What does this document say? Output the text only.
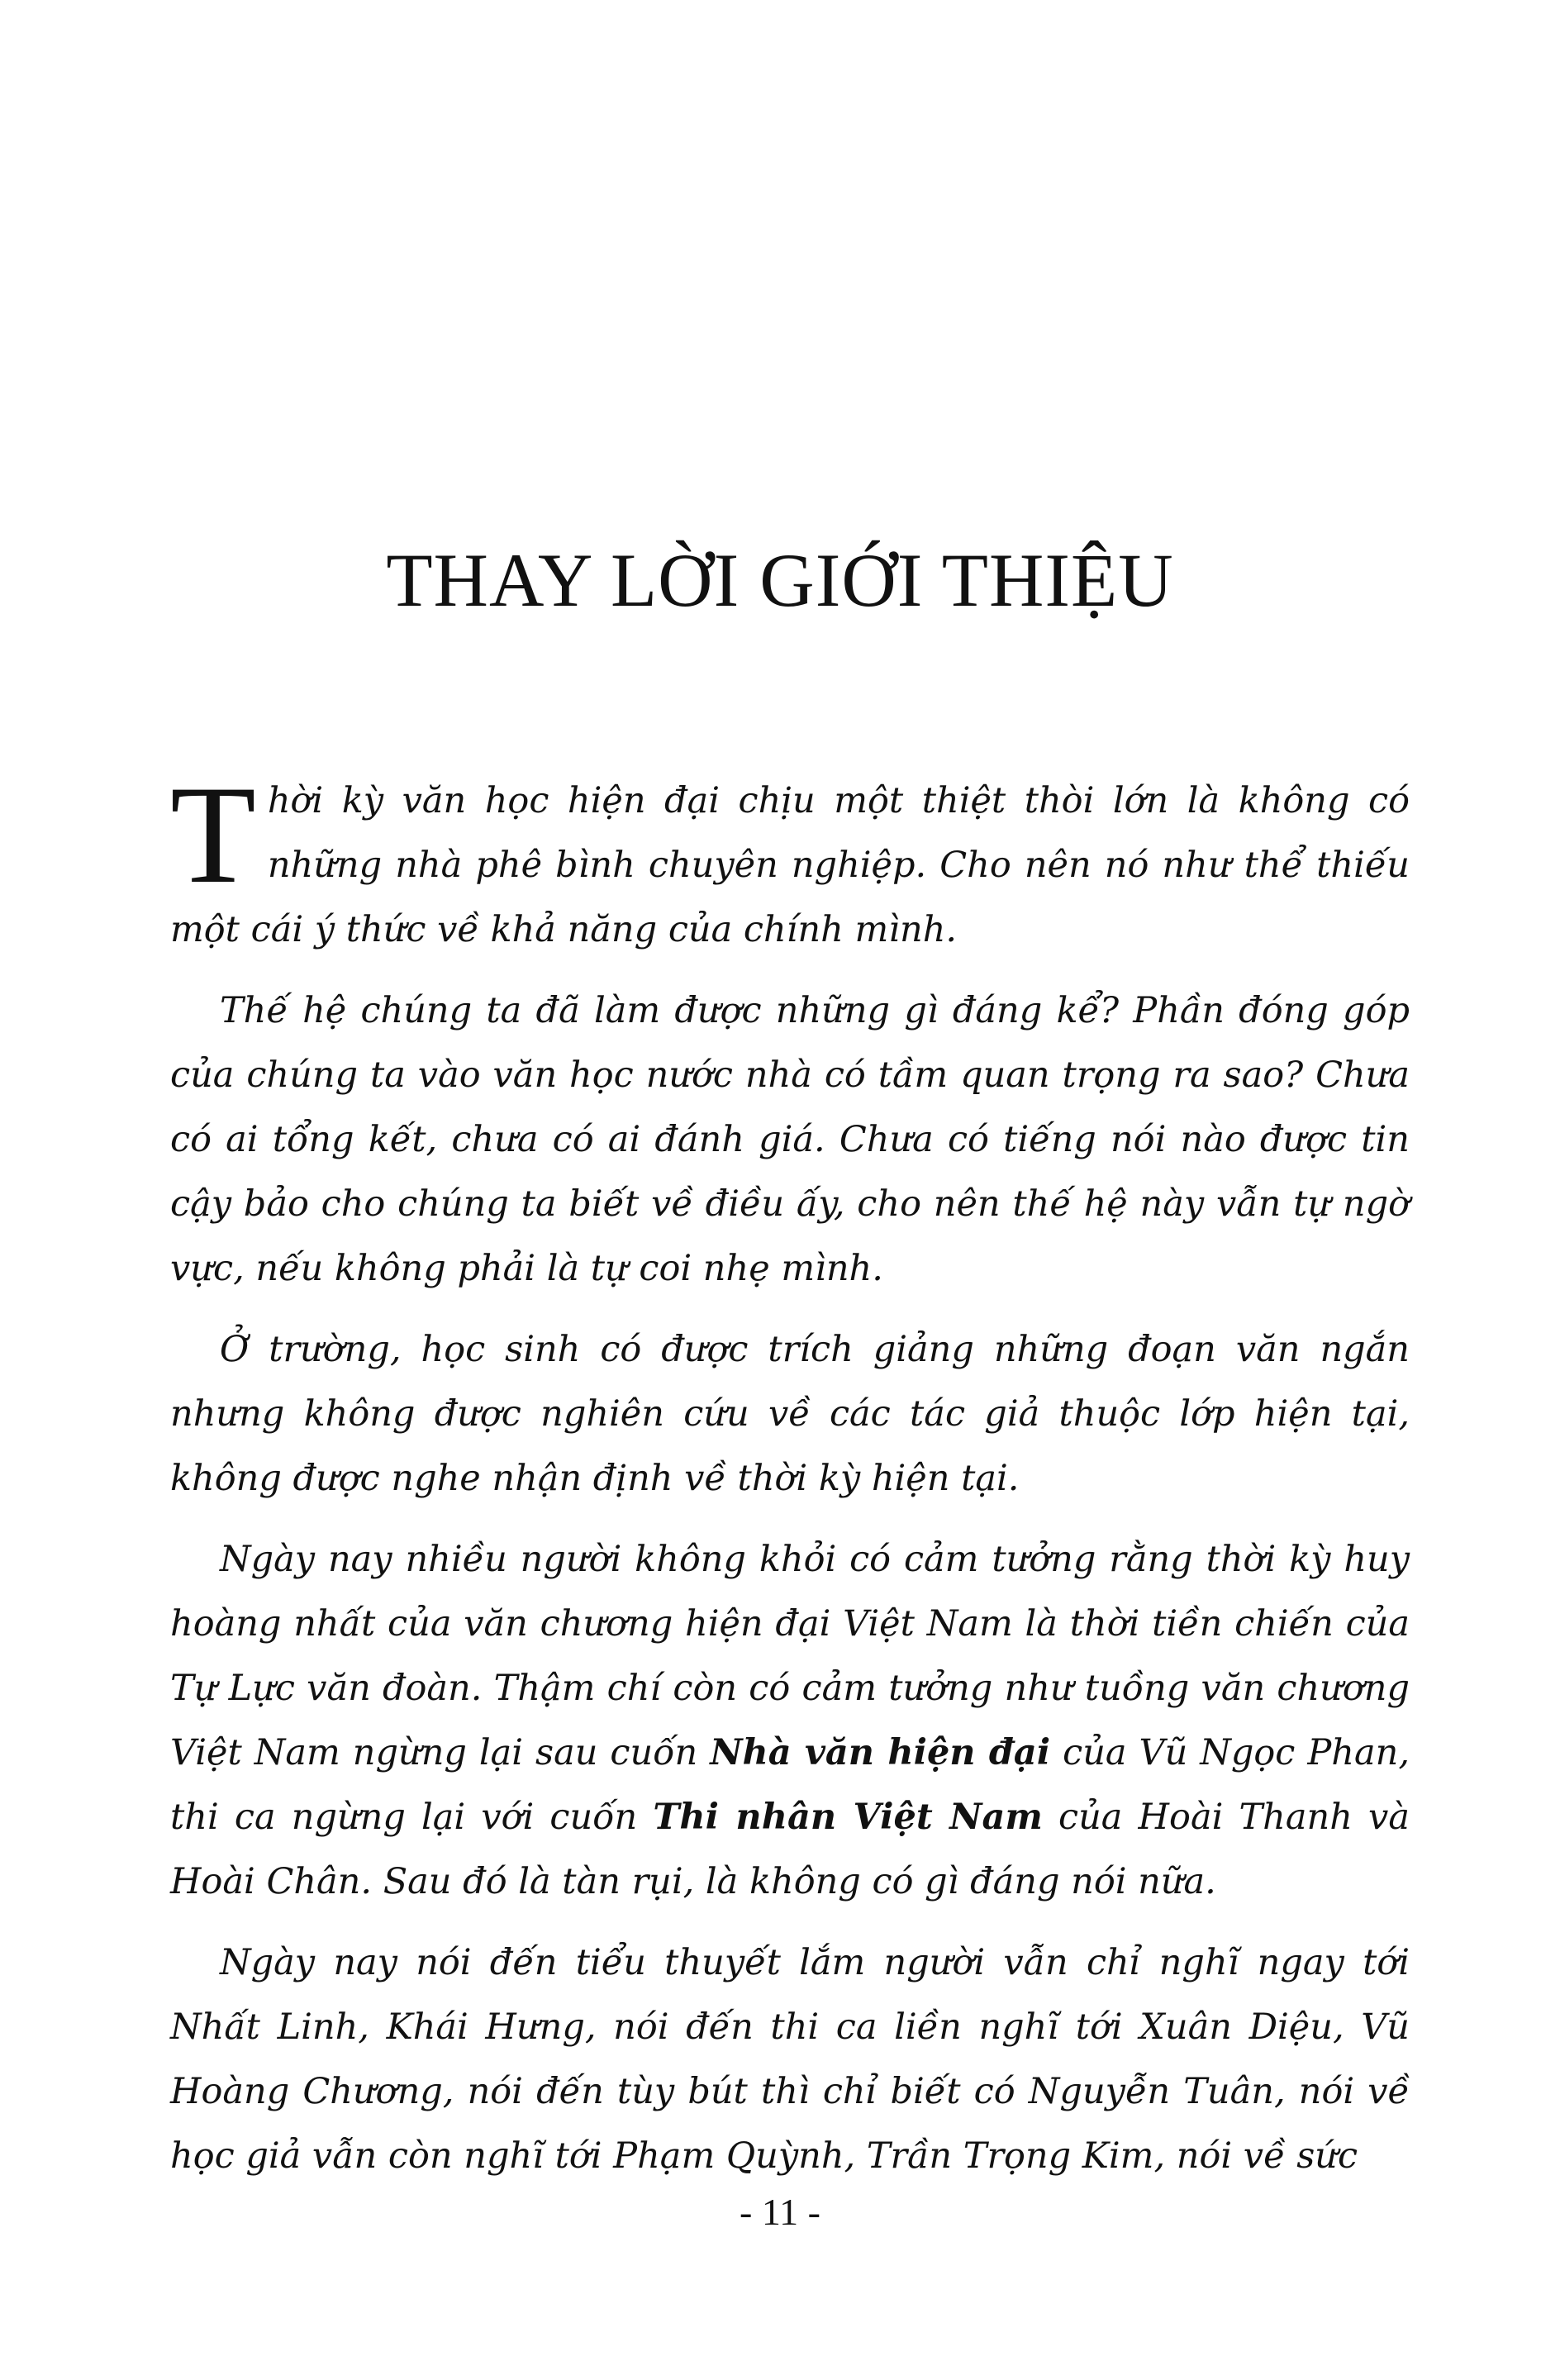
THAY LỜI GIỚI THIỆU

Thời kỳ văn học hiện đại chịu một thiệt thòi lớn là không có những nhà phê bình chuyên nghiệp. Cho nên nó như thể thiếu một cái ý thức về khả năng của chính mình.

Thế hệ chúng ta đã làm được những gì đáng kể? Phần đóng góp của chúng ta vào văn học nước nhà có tầm quan trọng ra sao? Chưa có ai tổng kết, chưa có ai đánh giá. Chưa có tiếng nói nào được tin cậy bảo cho chúng ta biết về điều ấy, cho nên thế hệ này vẫn tự ngờ vực, nếu không phải là tự coi nhẹ mình.

Ở trường, học sinh có được trích giảng những đoạn văn ngắn nhưng không được nghiên cứu về các tác giả thuộc lớp hiện tại, không được nghe nhận định về thời kỳ hiện tại.

Ngày nay nhiều người không khỏi có cảm tưởng rằng thời kỳ huy hoàng nhất của văn chương hiện đại Việt Nam là thời tiền chiến của Tự Lực văn đoàn. Thậm chí còn có cảm tưởng như tuồng văn chương Việt Nam ngừng lại sau cuốn Nhà văn hiện đại của Vũ Ngọc Phan, thi ca ngừng lại với cuốn Thi nhân Việt Nam của Hoài Thanh và Hoài Chân. Sau đó là tàn rụi, là không có gì đáng nói nữa.

Ngày nay nói đến tiểu thuyết lắm người vẫn chỉ nghĩ ngay tới Nhất Linh, Khái Hưng, nói đến thi ca liền nghĩ tới Xuân Diệu, Vũ Hoàng Chương, nói đến tùy bút thì chỉ biết có Nguyễn Tuân, nói về học giả vẫn còn nghĩ tới Phạm Quỳnh, Trần Trọng Kim, nói về sức

- 11 -
